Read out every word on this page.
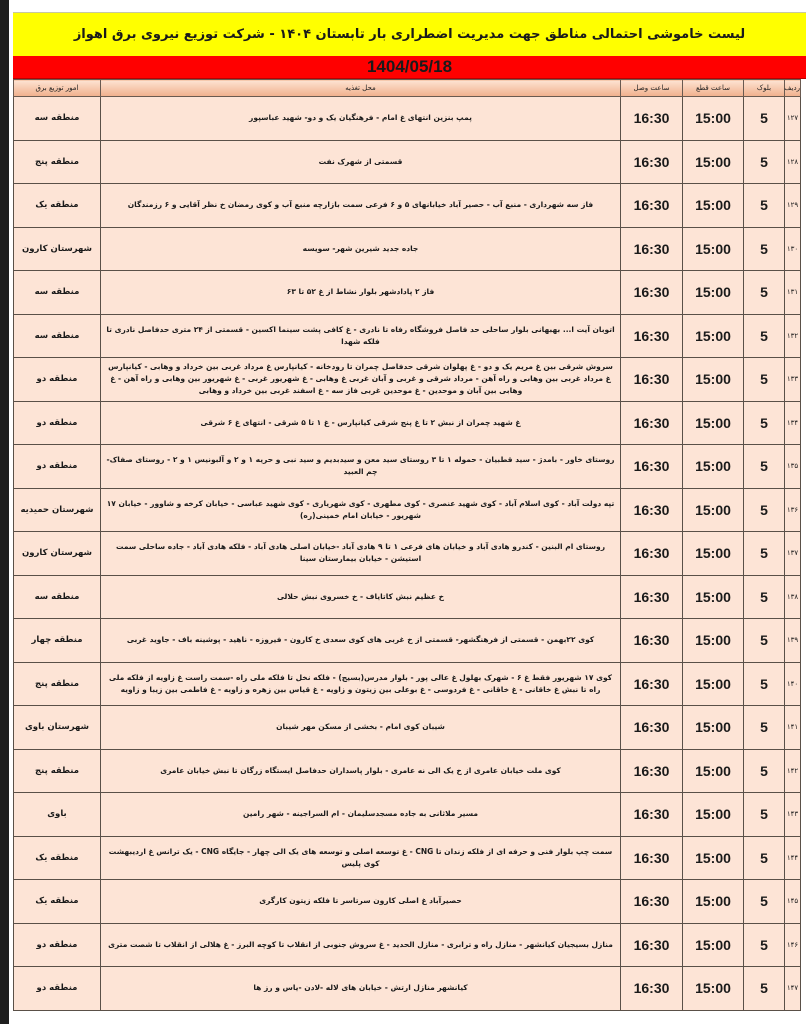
لیست خاموشی احتمالی مناطق جهت مدیریت اضطراری بار تابستان ۱۴۰۴ - شرکت توزیع نیروی برق اهواز
1404/05/18
ردیف	بلوک	ساعت قطع	ساعت وصل	محل تغذیه	امور توزیع برق
۱۲۷	5	15:00	16:30	پمپ بنزین انتهای غ امام - فرهنگیان یک و دو- شهید عباسپور	منطقه سه
۱۲۸	5	15:00	16:30	قسمتی از شهرک نفت	منطقه پنج
۱۲۹	5	15:00	16:30	فاز سه شهرداری - منبع آب - حصیر آباد خیابانهای ۵ و ۶ فرعی سمت بازارچه منبع آب و کوی رمضان خ نظر آقایی و ۶ رزمندگان	منطقه یک
۱۳۰	5	15:00	16:30	جاده جدید شیرین شهر- سویسه	شهرستان کارون
۱۳۱	5	15:00	16:30	فاز ۲ پادادشهر بلوار نشاط از غ ۵۲ تا ۶۳	منطقه سه
۱۳۲	5	15:00	16:30	اتوبان آیت ا... بهبهانی بلوار ساحلی حد فاصل فروشگاه رفاه تا نادری - غ کافی پشت سینما اکسین - قسمتی از ۲۴ متری حدفاصل نادری تا فلکه شهدا	منطقه سه
۱۳۳	5	15:00	16:30	سروش شرقی بین غ مریم یک و دو - غ پهلوان شرقی حدفاصل چمران تا رودخانه - کیانپارس غ مرداد غربی بین خرداد و وهابی - کیانپارس غ مرداد غربی بین وهابی و راه آهن - مرداد شرقی و غربی و آبان غربی غ وهابی - غ شهریور غربی - غ شهریور بین وهابی و راه آهن - غ وهابی بین آبان و موحدین - غ موحدین غربی فاز سه - غ اسفند غربی بین خرداد و وهابی	منطقه دو
۱۳۴	5	15:00	16:30	غ شهید چمران از نبش ۲ تا غ پنج شرقی کیانپارس - غ ۱ تا ۵ شرقی - انتهای غ ۶ شرقی	منطقه دو
۱۳۵	5	15:00	16:30	روستای خاور - بامدژ - سید قطبیان - حموله ۱ تا ۳ روستای سید معن و سیدبدیم و سید نبی و حریه ۱ و ۲ و آلبونیس ۱ و ۲ - روستای صفاک-چم العبید	منطقه دو
۱۳۶	5	15:00	16:30	تپه دولت آباد - کوی اسلام آباد - کوی شهید عنصری - کوی مطهری - کوی شهریاری - کوی شهید عباسی - خیابان کرخه و شاوور - خیابان ۱۷ شهریور - خیابان امام خمینی(ره)	شهرستان حمیدیه
۱۳۷	5	15:00	16:30	روستای ام البنین - کندرو هادی آباد و خیابان های فرعی ۱ تا ۹ هادی آباد -خیابان اصلی هادی آباد - فلکه هادی آباد - جاده ساحلی سمت استیشن - خیابان بیمارستان سینا	شهرستان کارون
۱۳۸	5	15:00	16:30	خ عظیم نبش کاتایاف - خ خسروی نبش حلالی	منطقه سه
۱۳۹	5	15:00	16:30	کوی ۲۲بهمن - قسمتی از فرهنگشهر- قسمتی از خ غربی های کوی سعدی خ کارون - فیروزه - ناهید - پوشینه باف - جاوید غربی	منطقه چهار
۱۴۰	5	15:00	16:30	کوی ۱۷ شهریور فقط غ ۶ - شهرک بهلول غ عالی پور - بلوار مدرس(بسیج) - فلکه نخل تا فلکه ملی راه -سمت راست غ زاویه از فلکه ملی راه تا نبش غ خاقانی - غ خاقانی - غ فردوسی - غ بوعلی بین زیتون و زاویه - غ قیاس بین زهره و زاویه - غ فاطمی بین زیبا و زاویه	منطقه پنج
۱۴۱	5	15:00	16:30	شیبان کوی امام - بخشی از مسکن مهر شیبان	شهرستان باوی
۱۴۲	5	15:00	16:30	کوی ملت خیابان عامری از خ یک الی نه عامری - بلوار پاسداران حدفاصل ایستگاه زرگان تا نبش خیابان عامری	منطقه پنج
۱۴۳	5	15:00	16:30	مسیر ملاثانی به جاده مسجدسلیمان - ام السراجینه - شهر رامین	باوی
۱۴۴	5	15:00	16:30	سمت چپ بلوار فنی و حرفه ای از فلکه زندان تا CNG - غ توسعه اصلی و توسعه های یک الی چهار - جایگاه CNG - یک ترانس غ اردیبهشت کوی پلیس	منطقه یک
۱۴۵	5	15:00	16:30	حصیرآباد غ اصلی کارون سرتاسر تا فلکه زیتون کارگری	منطقه یک
۱۴۶	5	15:00	16:30	منازل بسیجیان کیانشهر - منازل راه و ترابری - منازل الحدید - غ سروش جنوبی از انقلاب تا کوچه البرز - غ هلالی از انقلاب تا شصت متری	منطقه دو
۱۴۷	5	15:00	16:30	کیانشهر منازل ارتش - خیابان های لاله -لادن -یاس و رز ها	منطقه دو
